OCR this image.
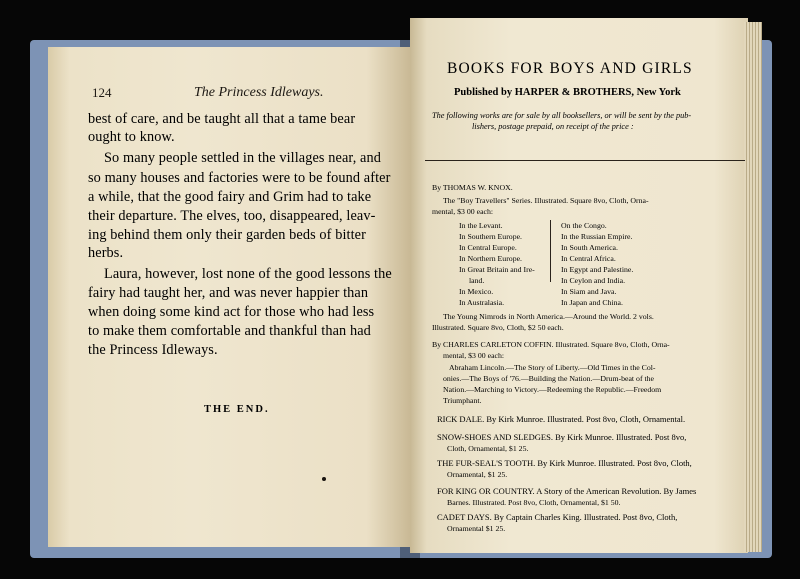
124	The Princess Idleways.
best of care, and be taught all that a tame bear
ought to know.
So many people settled in the villages near, and
so many houses and factories were to be found after
a while, that the good fairy and Grim had to take
their departure. The elves, too, disappeared, leav-
ing behind them only their garden beds of bitter
herbs.
Laura, however, lost none of the good lessons the
fairy had taught her, and was never happier than
when doing some kind act for those who had less
to make them comfortable and thankful than had
the Princess Idleways.
THE END.
BOOKS FOR BOYS AND GIRLS
Published by HARPER & BROTHERS, New York
The following works are for sale by all booksellers, or will be sent by the pub-
lishers, postage prepaid, on receipt of the price :
By THOMAS W. KNOX.
The "Boy Travellers" Series. Illustrated. Square 8vo, Cloth, Orna-
mental, $3 00 each:
In the Levant.
In Southern Europe.
In Central Europe.
In Northern Europe.
In Great Britain and Ire-
land.
In Mexico.
In Australasia.
On the Congo.
In the Russian Empire.
In South America.
In Central Africa.
In Egypt and Palestine.
In Ceylon and India.
In Siam and Java.
In Japan and China.
The Young Nimrods in North America.—Around the World. 2 vols.
Illustrated. Square 8vo, Cloth, $2 50 each.
By CHARLES CARLETON COFFIN. Illustrated. Square 8vo, Cloth, Orna-
mental, $3 00 each:
Abraham Lincoln.—The Story of Liberty.—Old Times in the Col-
onies.—The Boys of '76.—Building the Nation.—Drum-beat of the
Nation.—Marching to Victory.—Redeeming the Republic.—Freedom
Triumphant.
RICK DALE. By Kirk Munroe. Illustrated. Post 8vo, Cloth, Ornamental.
SNOW-SHOES AND SLEDGES. By Kirk Munroe. Illustrated. Post 8vo,
Cloth, Ornamental, $1 25.
THE FUR-SEAL'S TOOTH. By Kirk Munroe. Illustrated. Post 8vo, Cloth,
Ornamental, $1 25.
FOR KING OR COUNTRY. A Story of the American Revolution. By James
Barnes. Illustrated. Post 8vo, Cloth, Ornamental, $1 50.
CADET DAYS. By Captain Charles King. Illustrated. Post 8vo, Cloth,
Ornamental $1 25.
